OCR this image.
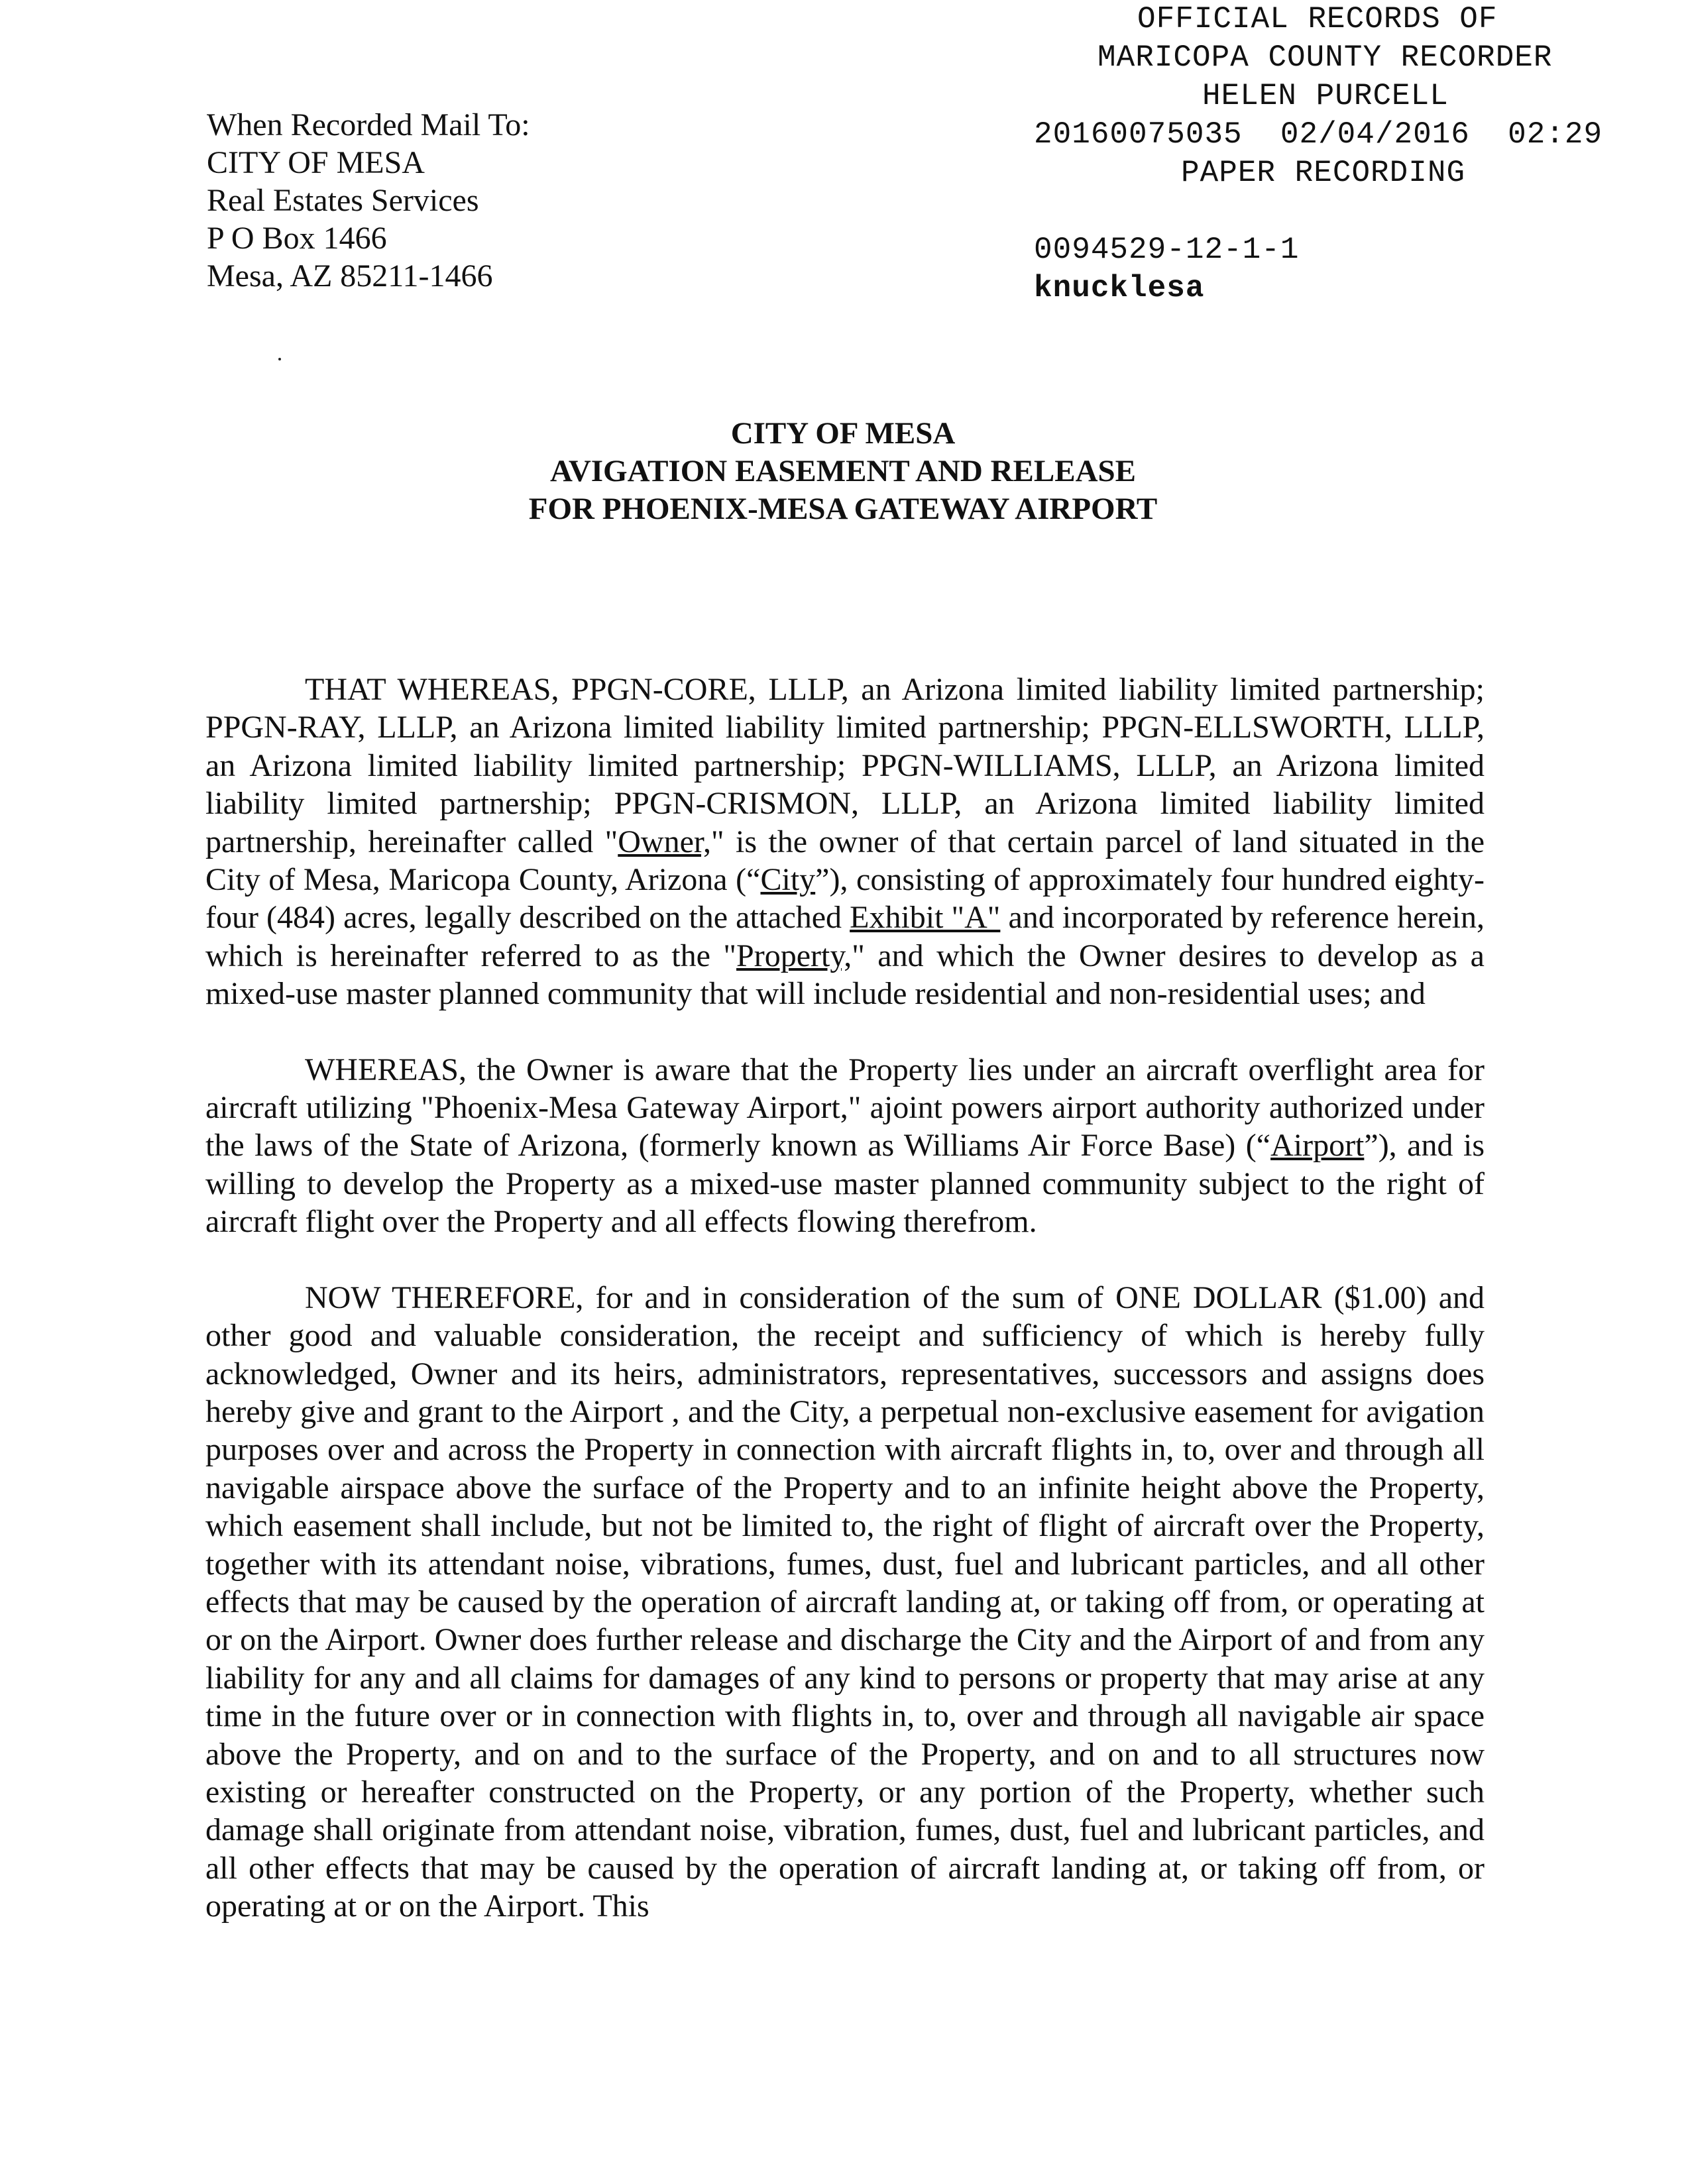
OFFICIAL RECORDS OF
MARICOPA COUNTY RECORDER
HELEN PURCELL
20160075035  02/04/2016  02:29
PAPER RECORDING
0094529-12-1-1
knucklesa
When Recorded Mail To:
CITY OF MESA
Real Estates Services
P O Box 1466
Mesa, AZ 85211-1466
CITY OF MESA
AVIGATION EASEMENT AND RELEASE
FOR PHOENIX-MESA GATEWAY AIRPORT

THAT WHEREAS, PPGN-CORE, LLLP, an Arizona limited liability limited partnership; PPGN-RAY, LLLP, an Arizona limited liability limited partnership; PPGN-ELLSWORTH, LLLP, an Arizona limited liability limited partnership; PPGN-WILLIAMS, LLLP, an Arizona limited liability limited partnership; PPGN-CRISMON, LLLP, an Arizona limited liability limited partnership, hereinafter called "Owner," is the owner of that certain parcel of land situated in the City of Mesa, Maricopa County, Arizona (“City”), consisting of approximately four hundred eighty-four (484) acres, legally described on the attached Exhibit "A" and incorporated by reference herein, which is hereinafter referred to as the "Property," and which the Owner desires to develop as a mixed-use master planned community that will include residential and non-residential uses; and

WHEREAS, the Owner is aware that the Property lies under an aircraft overflight area for aircraft utilizing "Phoenix-Mesa Gateway Airport," ajoint powers airport authority authorized under the laws of the State of Arizona, (formerly known as Williams Air Force Base) (“Airport”), and is willing to develop the Property as a mixed-use master planned community subject to the right of aircraft flight over the Property and all effects flowing therefrom.

NOW THEREFORE, for and in consideration of the sum of ONE DOLLAR ($1.00) and other good and valuable consideration, the receipt and sufficiency of which is hereby fully acknowledged, Owner and its heirs, administrators, representatives, successors and assigns does hereby give and grant to the Airport , and the City, a perpetual non-exclusive easement for avigation purposes over and across the Property in connection with aircraft flights in, to, over and through all navigable airspace above the surface of the Property and to an infinite height above the Property, which easement shall include, but not be limited to, the right of flight of aircraft over the Property, together with its attendant noise, vibrations, fumes, dust, fuel and lubricant particles, and all other effects that may be caused by the operation of aircraft landing at, or taking off from, or operating at or on the Airport. Owner does further release and discharge the City and the Airport of and from any liability for any and all claims for damages of any kind to persons or property that may arise at any time in the future over or in connection with flights in, to, over and through all navigable air space above the Property, and on and to the surface of the Property, and on and to all structures now existing or hereafter constructed on the Property, or any portion of the Property, whether such damage shall originate from attendant noise, vibration, fumes, dust, fuel and lubricant particles, and all other effects that may be caused by the operation of aircraft landing at, or taking off from, or operating at or on the Airport. This
